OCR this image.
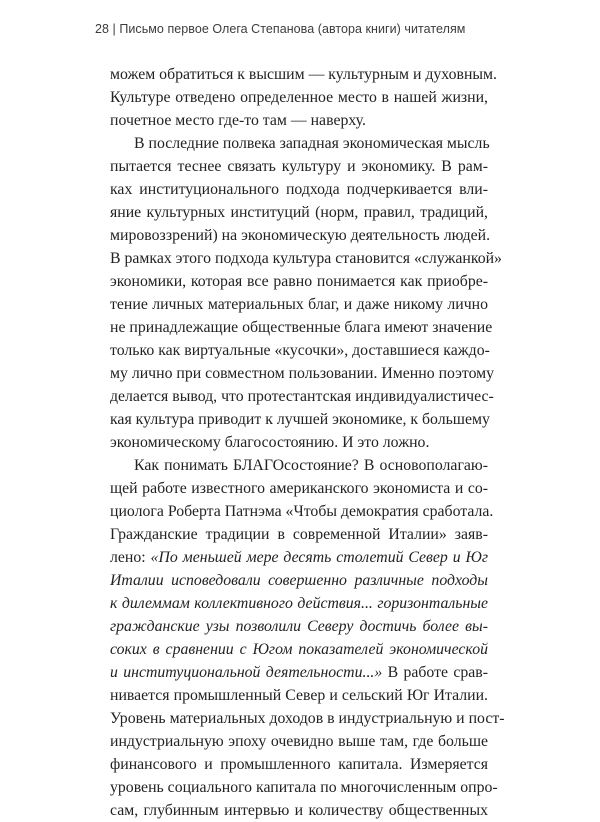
28 | Письмо первое Олега Степанова (автора книги) читателям
можем обратиться к высшим — культурным и духовным.
Культуре отведено определенное место в нашей жизни,
почетное место где-то там — наверху.
В последние полвека западная экономическая мысль
пытается теснее связать культуру и экономику. В рам-
ках институционального подхода подчеркивается вли-
яние культурных институций (норм, правил, традиций,
мировоззрений) на экономическую деятельность людей.
В рамках этого подхода культура становится «служанкой»
экономики, которая все равно понимается как приобре-
тение личных материальных благ, и даже никому лично
не принадлежащие общественные блага имеют значение
только как виртуальные «кусочки», доставшиеся каждо-
му лично при совместном пользовании. Именно поэтому
делается вывод, что протестантская индивидуалистичес-
кая культура приводит к лучшей экономике, к большему
экономическому благосостоянию. И это ложно.
Как понимать БЛАГОсостояние? В основополагаю-
щей работе известного американского экономиста и со-
циолога Роберта Патнэма «Чтобы демократия сработала.
Гражданские традиции в современной Италии» заяв-
лено: «По меньшей мере десять столетий Север и Юг
Италии исповедовали совершенно различные подходы
к дилеммам коллективного действия... горизонтальные
гражданские узы позволили Северу достичь более вы-
соких в сравнении с Югом показателей экономической
и институциональной деятельности...» В работе срав-
нивается промышленный Север и сельский Юг Италии.
Уровень материальных доходов в индустриальную и пост-
индустриальную эпоху очевидно выше там, где больше
финансового и промышленного капитала. Измеряется
уровень социального капитала по многочисленным опро-
сам, глубинным интервью и количеству общественных
